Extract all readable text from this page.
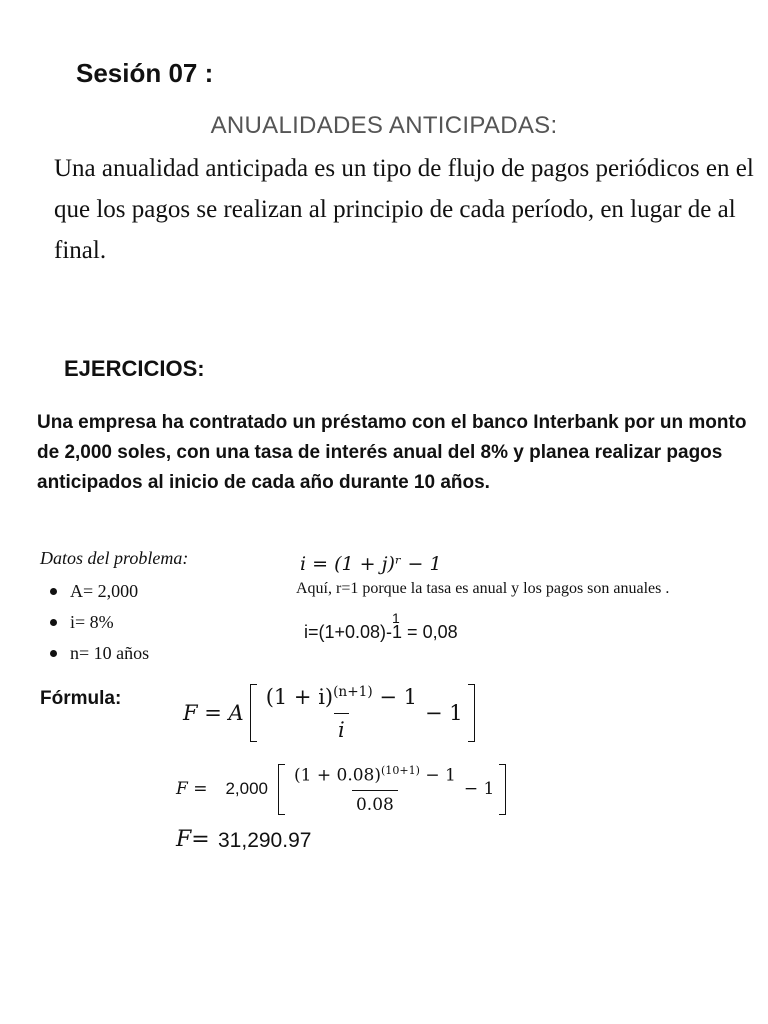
Sesión 07 :
ANUALIDADES ANTICIPADAS:
Una anualidad anticipada es un tipo de flujo de pagos periódicos en el que los pagos se realizan al principio de cada período, en lugar de al final.
EJERCICIOS:
Una empresa ha contratado un préstamo con el banco Interbank por un monto de 2,000 soles, con una tasa de interés anual del 8% y planea realizar pagos anticipados al inicio de cada año durante 10 años.
Datos del problema:
A= 2,000
i= 8%
n= 10 años
i = (1 + j)ʳ − 1
Aquí, r=1 porque la tasa es anual y los pagos son anuales .
1
i=(1+0.08)-1 = 0,08
Fórmula:
F = A $\frac{(1 + i)^{(n+1)} - 1}{i} - 1$
$F = 2,000 \frac{(1 + 0.08)^{(10+1)} - 1}{0.08} - 1$
F= 31,290.97
